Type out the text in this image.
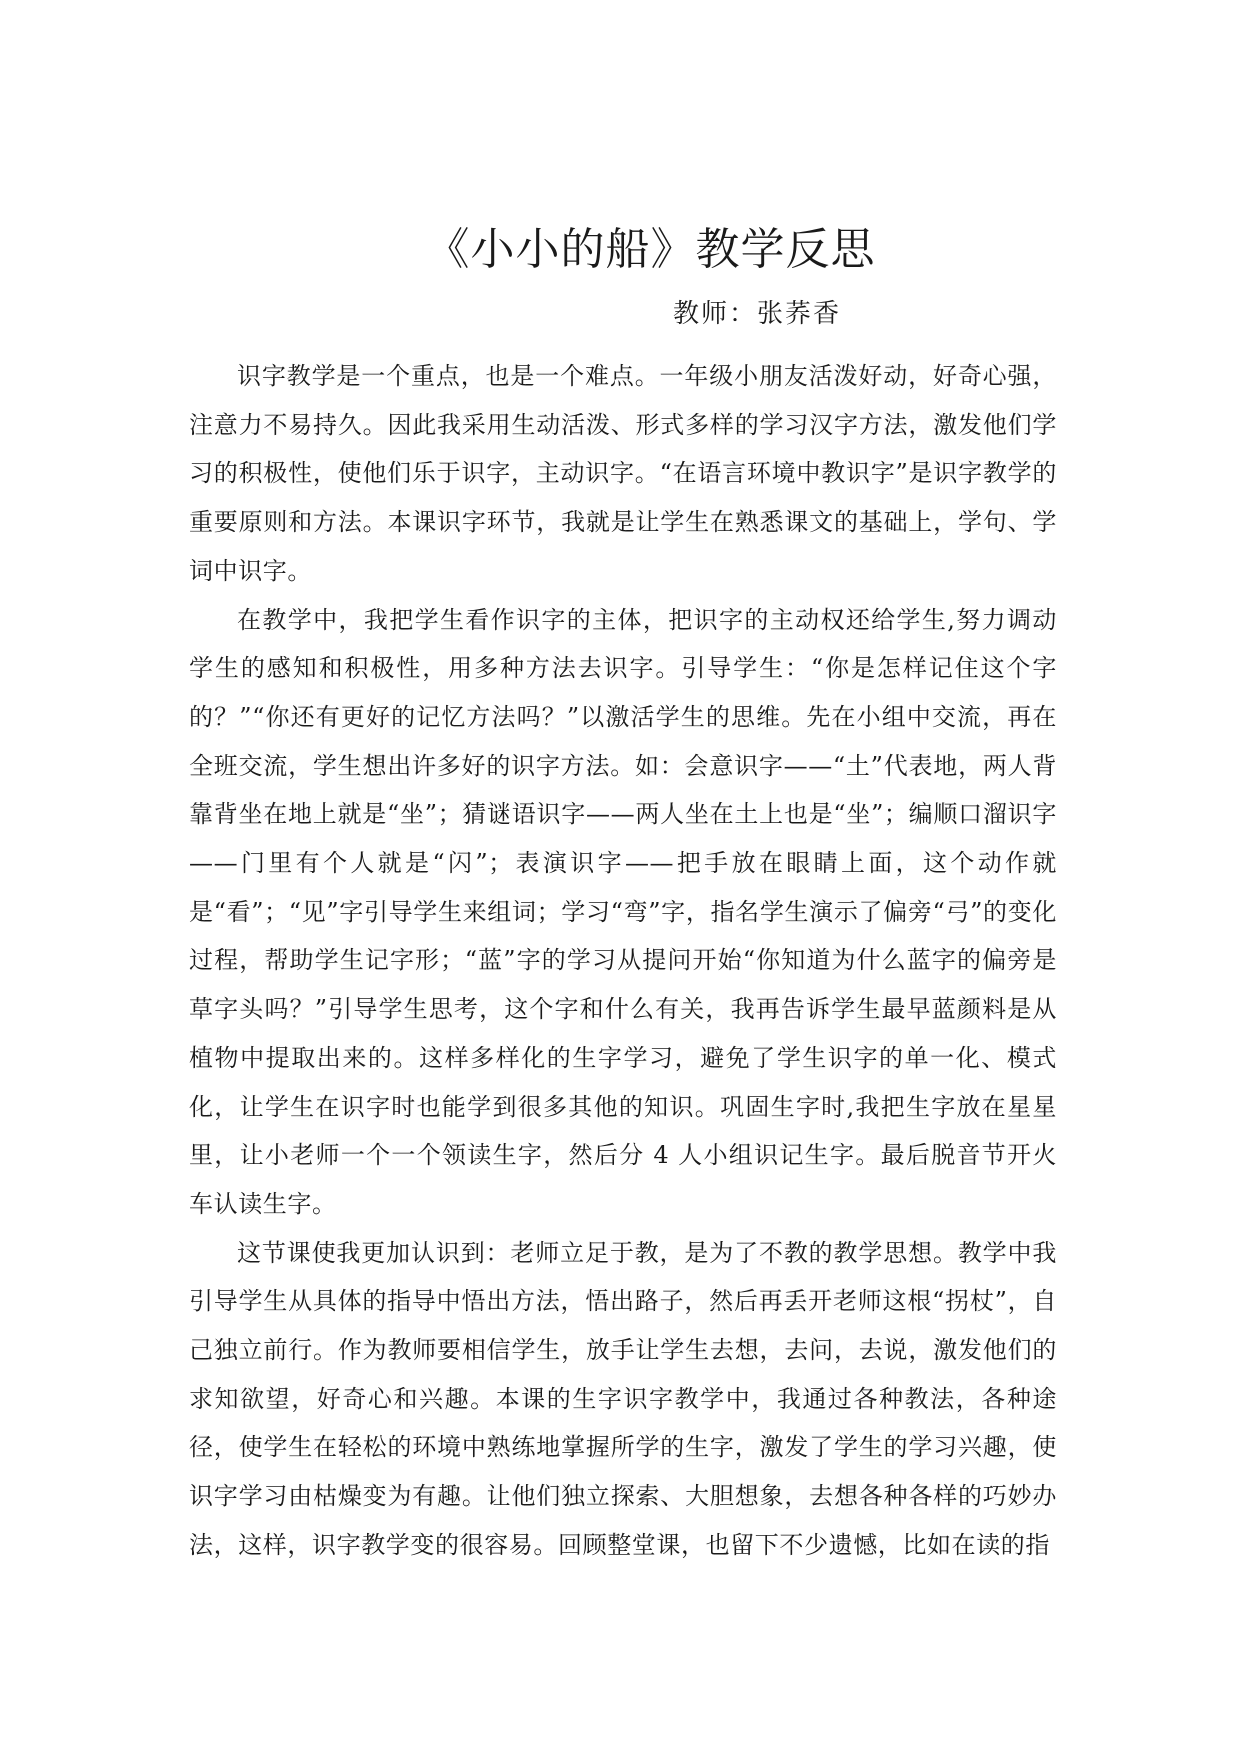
《小小的船》教学反思
教师：张荞香

识字教学是一个重点，也是一个难点。一年级小朋友活泼好动，好奇心强，注意力不易持久。因此我采用生动活泼、形式多样的学习汉字方法，激发他们学习的积极性，使他们乐于识字，主动识字。“在语言环境中教识字”是识字教学的重要原则和方法。本课识字环节，我就是让学生在熟悉课文的基础上，学句、学词中识字。

在教学中，我把学生看作识字的主体，把识字的主动权还给学生,努力调动学生的感知和积极性，用多种方法去识字。引导学生：“你是怎样记住这个字的？”“你还有更好的记忆方法吗？”以激活学生的思维。先在小组中交流，再在全班交流，学生想出许多好的识字方法。如：会意识字——“土”代表地，两人背靠背坐在地上就是“坐”；猜谜语识字——两人坐在土上也是“坐”；编顺口溜识字——门里有个人就是“闪”；表演识字——把手放在眼睛上面，这个动作就是“看”；“见”字引导学生来组词；学习“弯”字，指名学生演示了偏旁“弓”的变化过程，帮助学生记字形；“蓝”字的学习从提问开始“你知道为什么蓝字的偏旁是草字头吗？”引导学生思考，这个字和什么有关，我再告诉学生最早蓝颜料是从植物中提取出来的。这样多样化的生字学习，避免了学生识字的单一化、模式化，让学生在识字时也能学到很多其他的知识。巩固生字时,我把生字放在星星里，让小老师一个一个领读生字，然后分 4 人小组识记生字。最后脱音节开火车认读生字。

这节课使我更加认识到：老师立足于教，是为了不教的教学思想。教学中我引导学生从具体的指导中悟出方法，悟出路子，然后再丢开老师这根“拐杖”，自己独立前行。作为教师要相信学生，放手让学生去想，去问，去说，激发他们的求知欲望，好奇心和兴趣。本课的生字识字教学中，我通过各种教法，各种途径，使学生在轻松的环境中熟练地掌握所学的生字，激发了学生的学习兴趣，使识字学习由枯燥变为有趣。让他们独立探索、大胆想象，去想各种各样的巧妙办法，这样，识字教学变的很容易。回顾整堂课，也留下不少遗憾，比如在读的指
